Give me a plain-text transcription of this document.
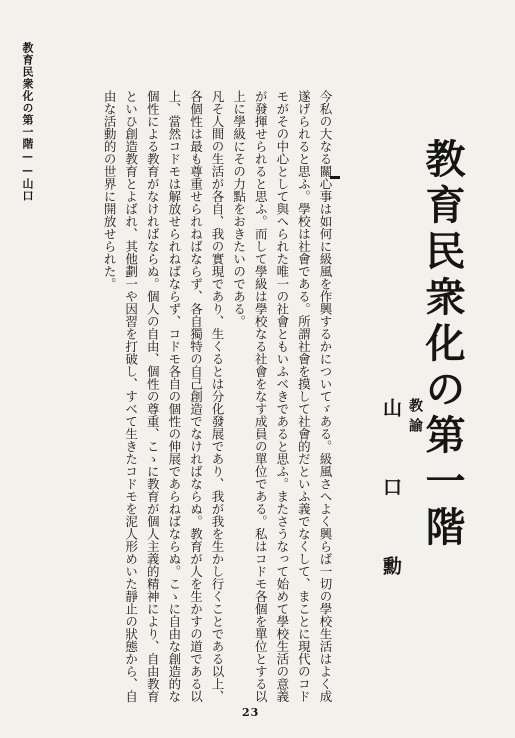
教育民衆化の第一階——山口
教育民衆化の第一階
教諭
山口勳

今私の大なる關心事は如何に級風を作興するかについてゞある。級風さへよく興らば一切の學校生活はよく成遂げられると思ふ。學校は社會である。所謂社會を摸して社會的だといふ義でなくして、まことに現代のコドモがその中心として與へられた唯一の社會ともいふべきであると思ふ。またさうなって始めて學校生活の意義が發揮せられると思ふ。而して學級は學校なる社會をなす成員の單位である。私はコドモ各個を單位とする以上に學級にその力點をおきたいのである。

凡そ人間の生活が各自、我の實現であり、生くるとは分化發展であり、我が我を生かし行くことである以上、各個性は最も尊重せられねばならず、各自獨特の自己創造でなければならぬ。教育が人を生かすの道である以上、當然コドモは解放せられねばならず、コドモ各自の個性の伸展であらねばならぬ。こゝに自由な創造的な個性による教育がなければならぬ。個人の自由、個性の尊重、こゝに教育が個人主義的精神により、自由教育といひ創造教育とよばれ、其他劃一や因習を打破し、すべて生きたコドモを泥人形めいた靜止の狀態から、自由な活動的の世界に開放せられた。

23
